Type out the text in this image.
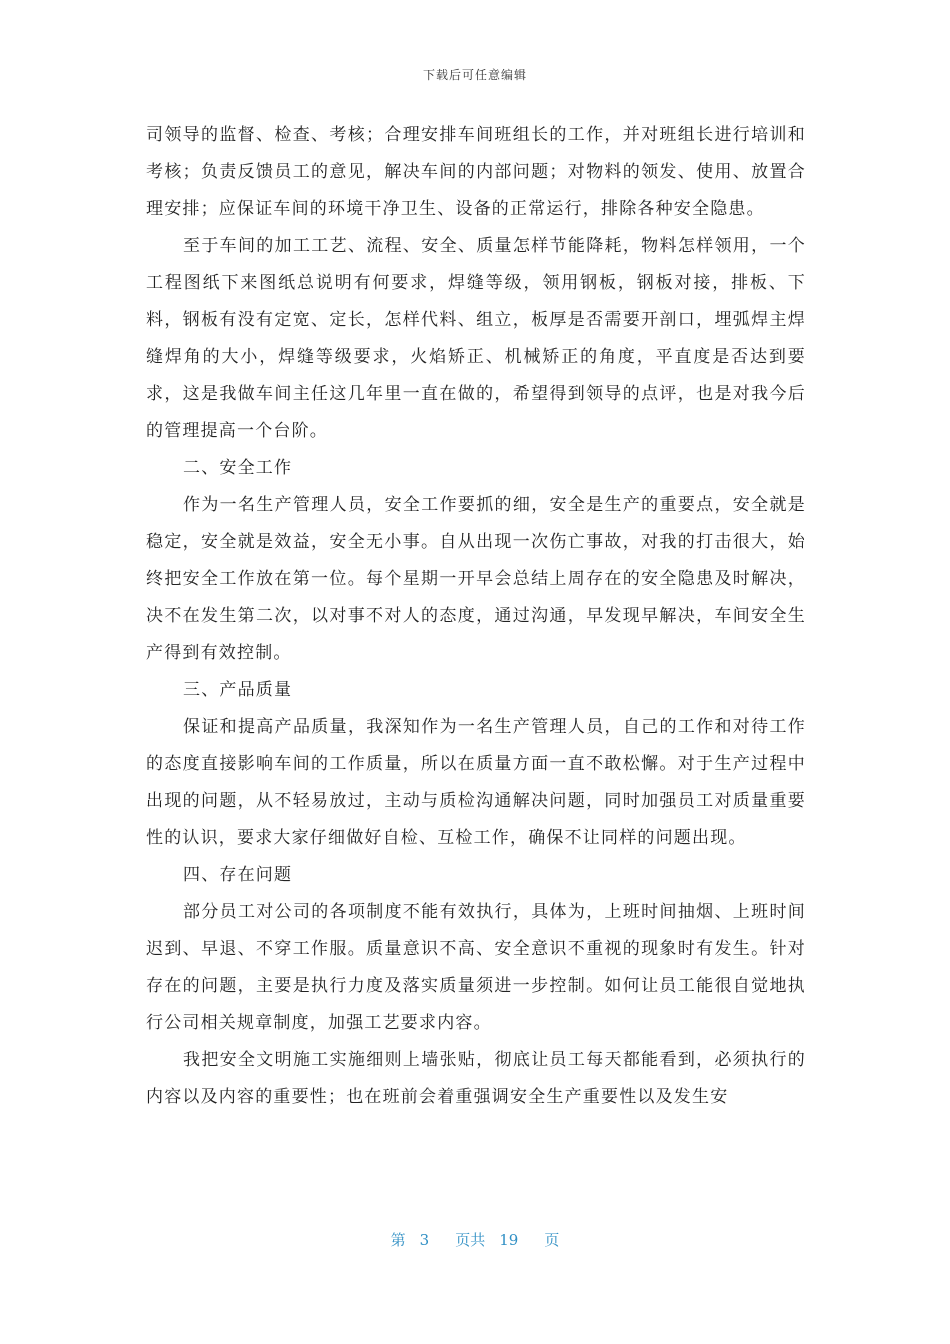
下载后可任意编辑

司领导的监督、检查、考核；合理安排车间班组长的工作，并对班组长进行培训和考核；负责反馈员工的意见，解决车间的内部问题；对物料的领发、使用、放置合理安排；应保证车间的环境干净卫生、设备的正常运行，排除各种安全隐患。

至于车间的加工工艺、流程、安全、质量怎样节能降耗，物料怎样领用，一个工程图纸下来图纸总说明有何要求，焊缝等级，领用钢板，钢板对接，排板、下料，钢板有没有定宽、定长，怎样代料、组立，板厚是否需要开剖口，埋弧焊主焊缝焊角的大小，焊缝等级要求，火焰矫正、机械矫正的角度，平直度是否达到要求，这是我做车间主任这几年里一直在做的，希望得到领导的点评，也是对我今后的管理提高一个台阶。

二、安全工作

作为一名生产管理人员，安全工作要抓的细，安全是生产的重要点，安全就是稳定，安全就是效益，安全无小事。自从出现一次伤亡事故，对我的打击很大，始终把安全工作放在第一位。每个星期一开早会总结上周存在的安全隐患及时解决，决不在发生第二次，以对事不对人的态度，通过沟通，早发现早解决，车间安全生产得到有效控制。

三、产品质量

保证和提高产品质量，我深知作为一名生产管理人员，自己的工作和对待工作的态度直接影响车间的工作质量，所以在质量方面一直不敢松懈。对于生产过程中出现的问题，从不轻易放过，主动与质检沟通解决问题，同时加强员工对质量重要性的认识，要求大家仔细做好自检、互检工作，确保不让同样的问题出现。

四、存在问题

部分员工对公司的各项制度不能有效执行，具体为，上班时间抽烟、上班时间迟到、早退、不穿工作服。质量意识不高、安全意识不重视的现象时有发生。针对存在的问题，主要是执行力度及落实质量须进一步控制。如何让员工能很自觉地执行公司相关规章制度，加强工艺要求内容。

我把安全文明施工实施细则上墙张贴，彻底让员工每天都能看到，必须执行的内容以及内容的重要性；也在班前会着重强调安全生产重要性以及发生安

第 3 页共 19 页
